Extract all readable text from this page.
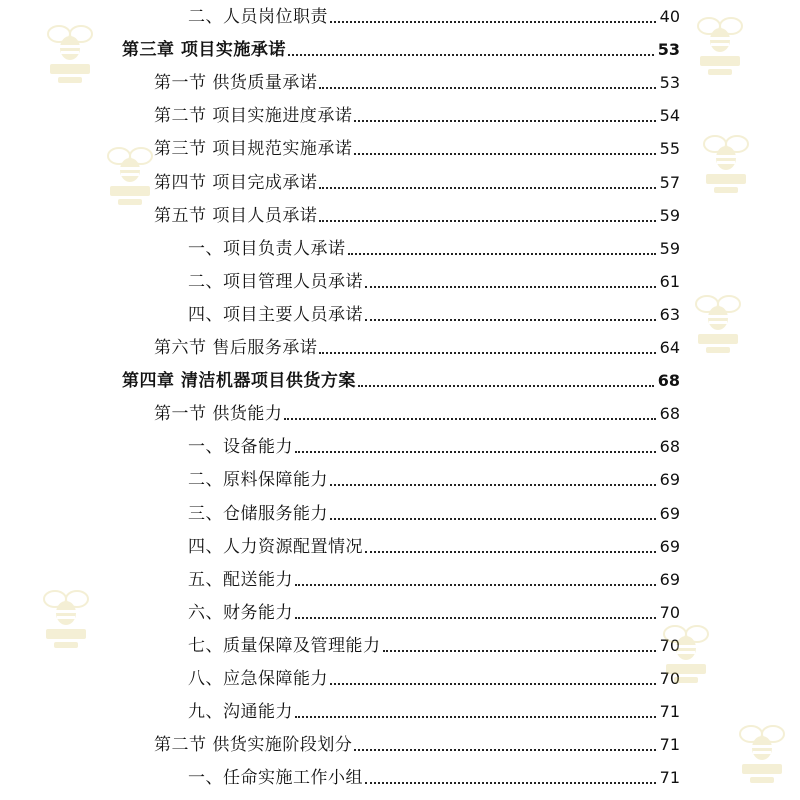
二、人员岗位职责	40
第三章 项目实施承诺	53
第一节 供货质量承诺	53
第二节 项目实施进度承诺	54
第三节 项目规范实施承诺	55
第四节 项目完成承诺	57
第五节 项目人员承诺	59
一、项目负责人承诺	59
二、项目管理人员承诺	61
四、项目主要人员承诺	63
第六节 售后服务承诺	64
第四章 清洁机器项目供货方案	68
第一节 供货能力	68
一、设备能力	68
二、原料保障能力	69
三、仓储服务能力	69
四、人力资源配置情况	69
五、配送能力	69
六、财务能力	70
七、质量保障及管理能力	70
八、应急保障能力	70
九、沟通能力	71
第二节 供货实施阶段划分	71
一、任命实施工作小组	71
